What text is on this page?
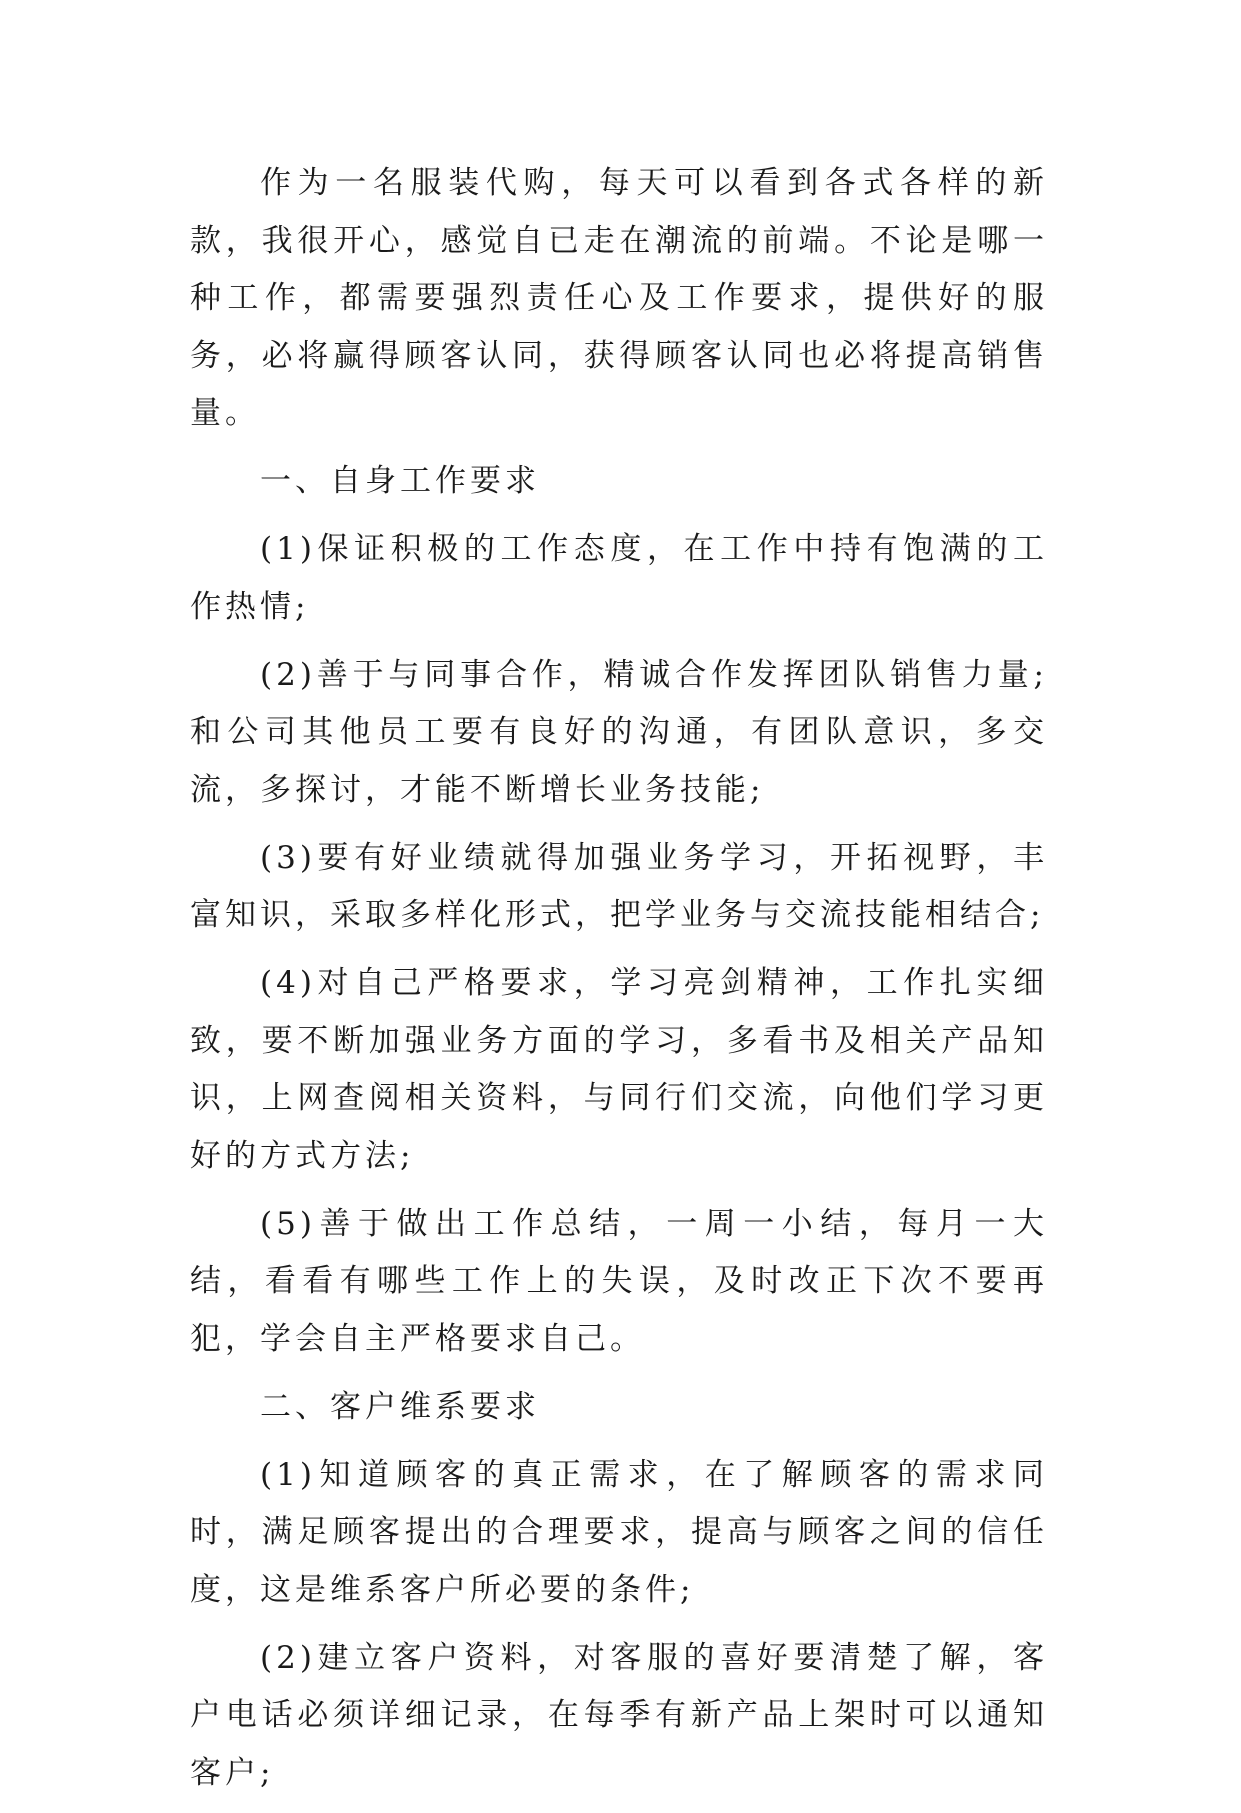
作为一名服装代购，每天可以看到各式各样的新款，我很开心，感觉自已走在潮流的前端。不论是哪一种工作，都需要强烈责任心及工作要求，提供好的服务，必将赢得顾客认同，获得顾客认同也必将提高销售量。

一、自身工作要求

(1)保证积极的工作态度，在工作中持有饱满的工作热情;

(2)善于与同事合作，精诚合作发挥团队销售力量;和公司其他员工要有良好的沟通，有团队意识，多交流，多探讨，才能不断增长业务技能;

(3)要有好业绩就得加强业务学习，开拓视野，丰富知识，采取多样化形式，把学业务与交流技能相结合;

(4)对自己严格要求，学习亮剑精神，工作扎实细致，要不断加强业务方面的学习，多看书及相关产品知识，上网查阅相关资料，与同行们交流，向他们学习更好的方式方法;

(5)善于做出工作总结，一周一小结，每月一大结，看看有哪些工作上的失误，及时改正下次不要再犯，学会自主严格要求自己。

二、客户维系要求

(1)知道顾客的真正需求，在了解顾客的需求同时，满足顾客提出的合理要求，提高与顾客之间的信任度，这是维系客户所必要的条件;

(2)建立客户资料，对客服的喜好要清楚了解，客户电话必须详细记录，在每季有新产品上架时可以通知客户;
